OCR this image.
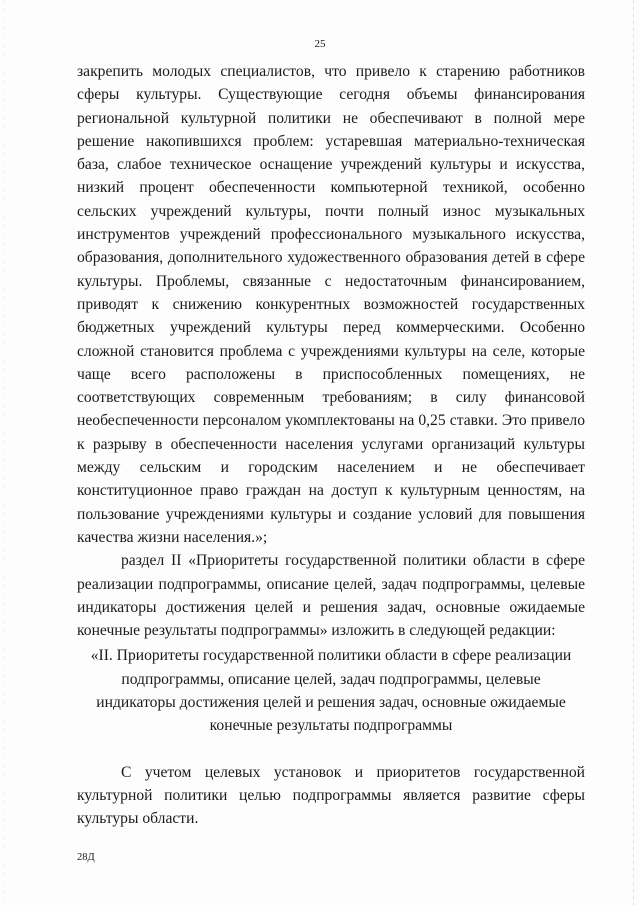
25

закрепить молодых специалистов, что привело к старению работников сферы культуры. Существующие сегодня объемы финансирования региональной культурной политики не обеспечивают в полной мере решение накопившихся проблем: устаревшая материально-техническая база, слабое техническое оснащение учреждений культуры и искусства, низкий процент обеспеченности компьютерной техникой, особенно сельских учреждений культуры, почти полный износ музыкальных инструментов учреждений профессионального музыкального искусства, образования, дополнительного художественного образования детей в сфере культуры. Проблемы, связанные с недостаточным финансированием, приводят к снижению конкурентных возможностей государственных бюджетных учреждений культуры перед коммерческими. Особенно сложной становится проблема с учреждениями культуры на селе, которые чаще всего расположены в приспособленных помещениях, не соответствующих современным требованиям; в силу финансовой необеспеченности персоналом укомплектованы на 0,25 ставки. Это привело к разрыву в обеспеченности населения услугами организаций культуры между сельским и городским населением и не обеспечивает конституционное право граждан на доступ к культурным ценностям, на пользование учреждениями культуры и создание условий для повышения качества жизни населения.»;

раздел II «Приоритеты государственной политики области в сфере реализации подпрограммы, описание целей, задач подпрограммы, целевые индикаторы достижения целей и решения задач, основные ожидаемые конечные результаты подпрограммы» изложить в следующей редакции:

«II. Приоритеты государственной политики области в сфере реализации
подпрограммы, описание целей, задач подпрограммы, целевые
индикаторы достижения целей и решения задач, основные ожидаемые
конечные результаты подпрограммы

С учетом целевых установок и приоритетов государственной культурной политики целью подпрограммы является развитие сферы культуры области.

28Д
